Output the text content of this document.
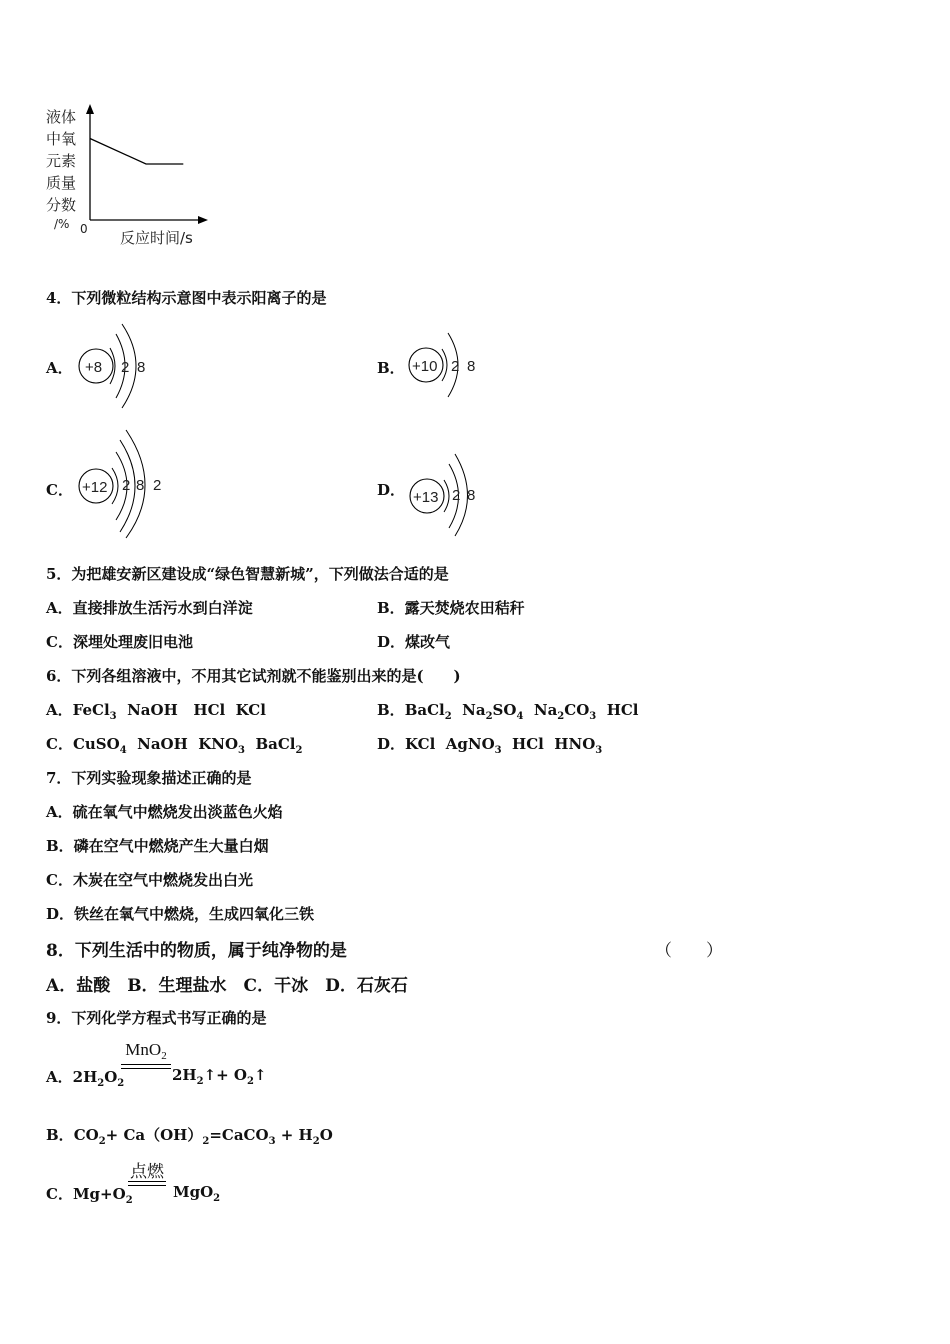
液体
中氧
元素
质量
分数
/% 0 反应时间/s
4．下列微粒结构示意图中表示阳离子的是
A． +8 2 8	B． +10 2 8
C． +12 2 8 2	D． +13 2 8
5．为把雄安新区建设成“绿色智慧新城”，下列做法合适的是
A．直接排放生活污水到白洋淀	B．露天焚烧农田秸秆
C．深埋处理废旧电池	D．煤改气
6．下列各组溶液中，不用其它试剂就不能鉴别出来的是(　　)
A．FeCl$_3$  NaOH   HCl  KCl	B．BaCl$_2$  $Na_2SO_4$  $Na_2CO_3$  HCl
C．CuSO$_4$  NaOH  $KNO_3$  BaCl$_2$	D．KCl  AgNO$_3$  HCl  $HNO_3$
7．下列实验现象描述正确的是
A．硫在氧气中燃烧发出淡蓝色火焰
B．磷在空气中燃烧产生大量白烟
C．木炭在空气中燃烧发出白光
D．铁丝在氧气中燃烧，生成四氧化三铁
8．下列生活中的物质，属于纯净物的是	（　　）
A．盐酸　B．生理盐水　C．干冰　D．石灰石
9．下列化学方程式书写正确的是
A．$2H_2O_2$
MnO$_2$
$2H_2↑+$ $O_2↑$
B．$CO_2+$ $Ca(OH)_2=CaCO_3 + H_2O$
C．$Mg+O_2$
点燃
MgO$_2$
